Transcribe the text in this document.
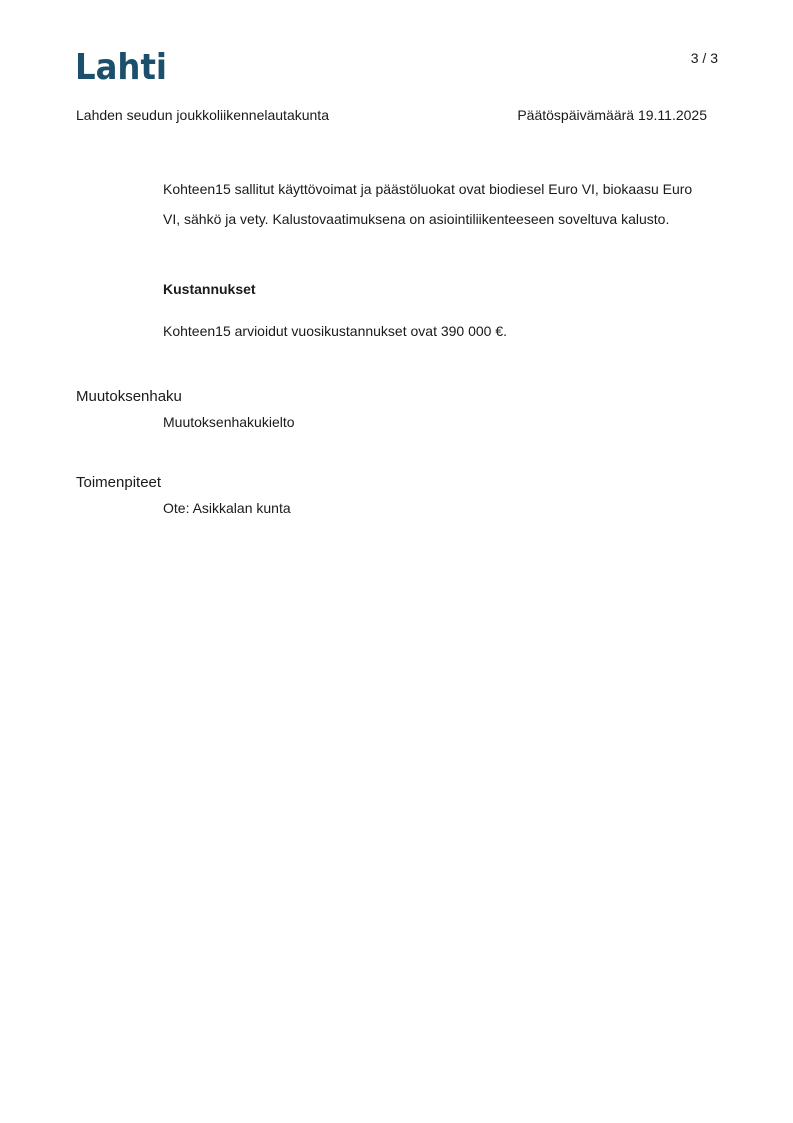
Lahti	3 / 3
Lahden seudun joukkoliikennelautakunta	Päätöspäivämäärä 19.11.2025
Kohteen15 sallitut käyttövoimat ja päästöluokat ovat biodiesel Euro VI, biokaasu Euro VI, sähkö ja vety. Kalustovaatimuksena on asiointiliikenteeseen soveltuva kalusto.
Kustannukset
Kohteen15 arvioidut vuosikustannukset ovat 390 000 €.
Muutoksenhaku
Muutoksenhakukielto
Toimenpiteet
Ote: Asikkalan kunta
